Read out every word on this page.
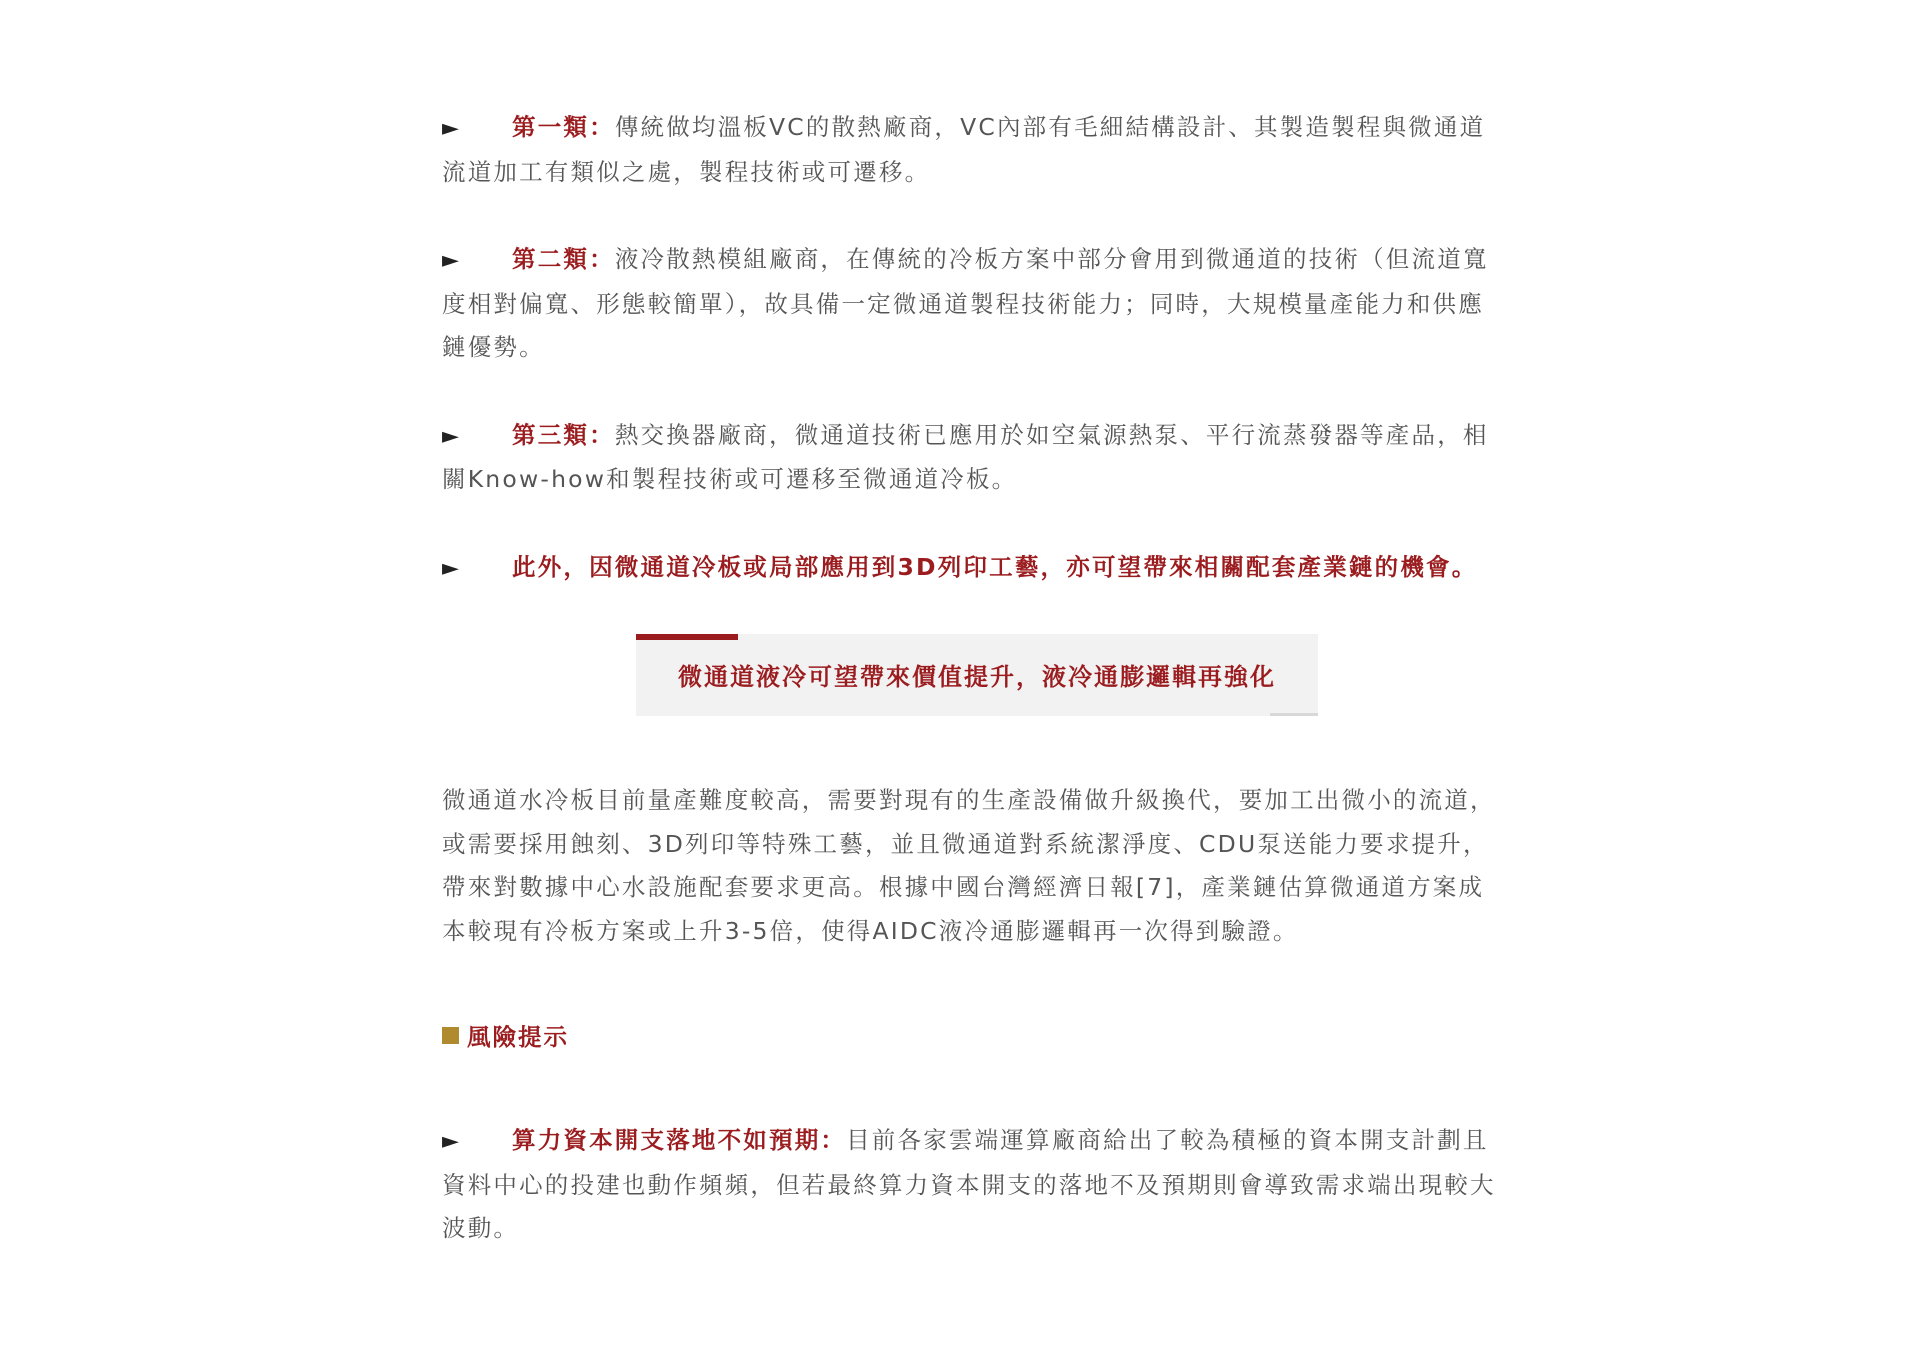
► 第一類：傳統做均溫板VC的散熱廠商，VC內部有毛細結構設計、其製造製程與微通道流道加工有類似之處，製程技術或可遷移。

► 第二類：液冷散熱模組廠商，在傳統的冷板方案中部分會用到微通道的技術（但流道寬度相對偏寬、形態較簡單），故具備一定微通道製程技術能力；同時，大規模量產能力和供應鏈優勢。

► 第三類：熱交換器廠商，微通道技術已應用於如空氣源熱泵、平行流蒸發器等產品，相關Know-how和製程技術或可遷移至微通道冷板。

► 此外，因微通道冷板或局部應用到3D列印工藝，亦可望帶來相關配套產業鏈的機會。

微通道液冷可望帶來價值提升，液冷通膨邏輯再強化

微通道水冷板目前量產難度較高，需要對現有的生產設備做升級換代，要加工出微小的流道，或需要採用蝕刻、3D列印等特殊工藝，並且微通道對系統潔淨度、CDU泵送能力要求提升，帶來對數據中心水設施配套要求更高。根據中國台灣經濟日報[7]，產業鏈估算微通道方案成本較現有冷板方案或上升3-5倍，使得AIDC液冷通膨邏輯再一次得到驗證。

風險提示

► 算力資本開支落地不如預期：目前各家雲端運算廠商給出了較為積極的資本開支計劃且資料中心的投建也動作頻頻，但若最終算力資本開支的落地不及預期則會導致需求端出現較大波動。
